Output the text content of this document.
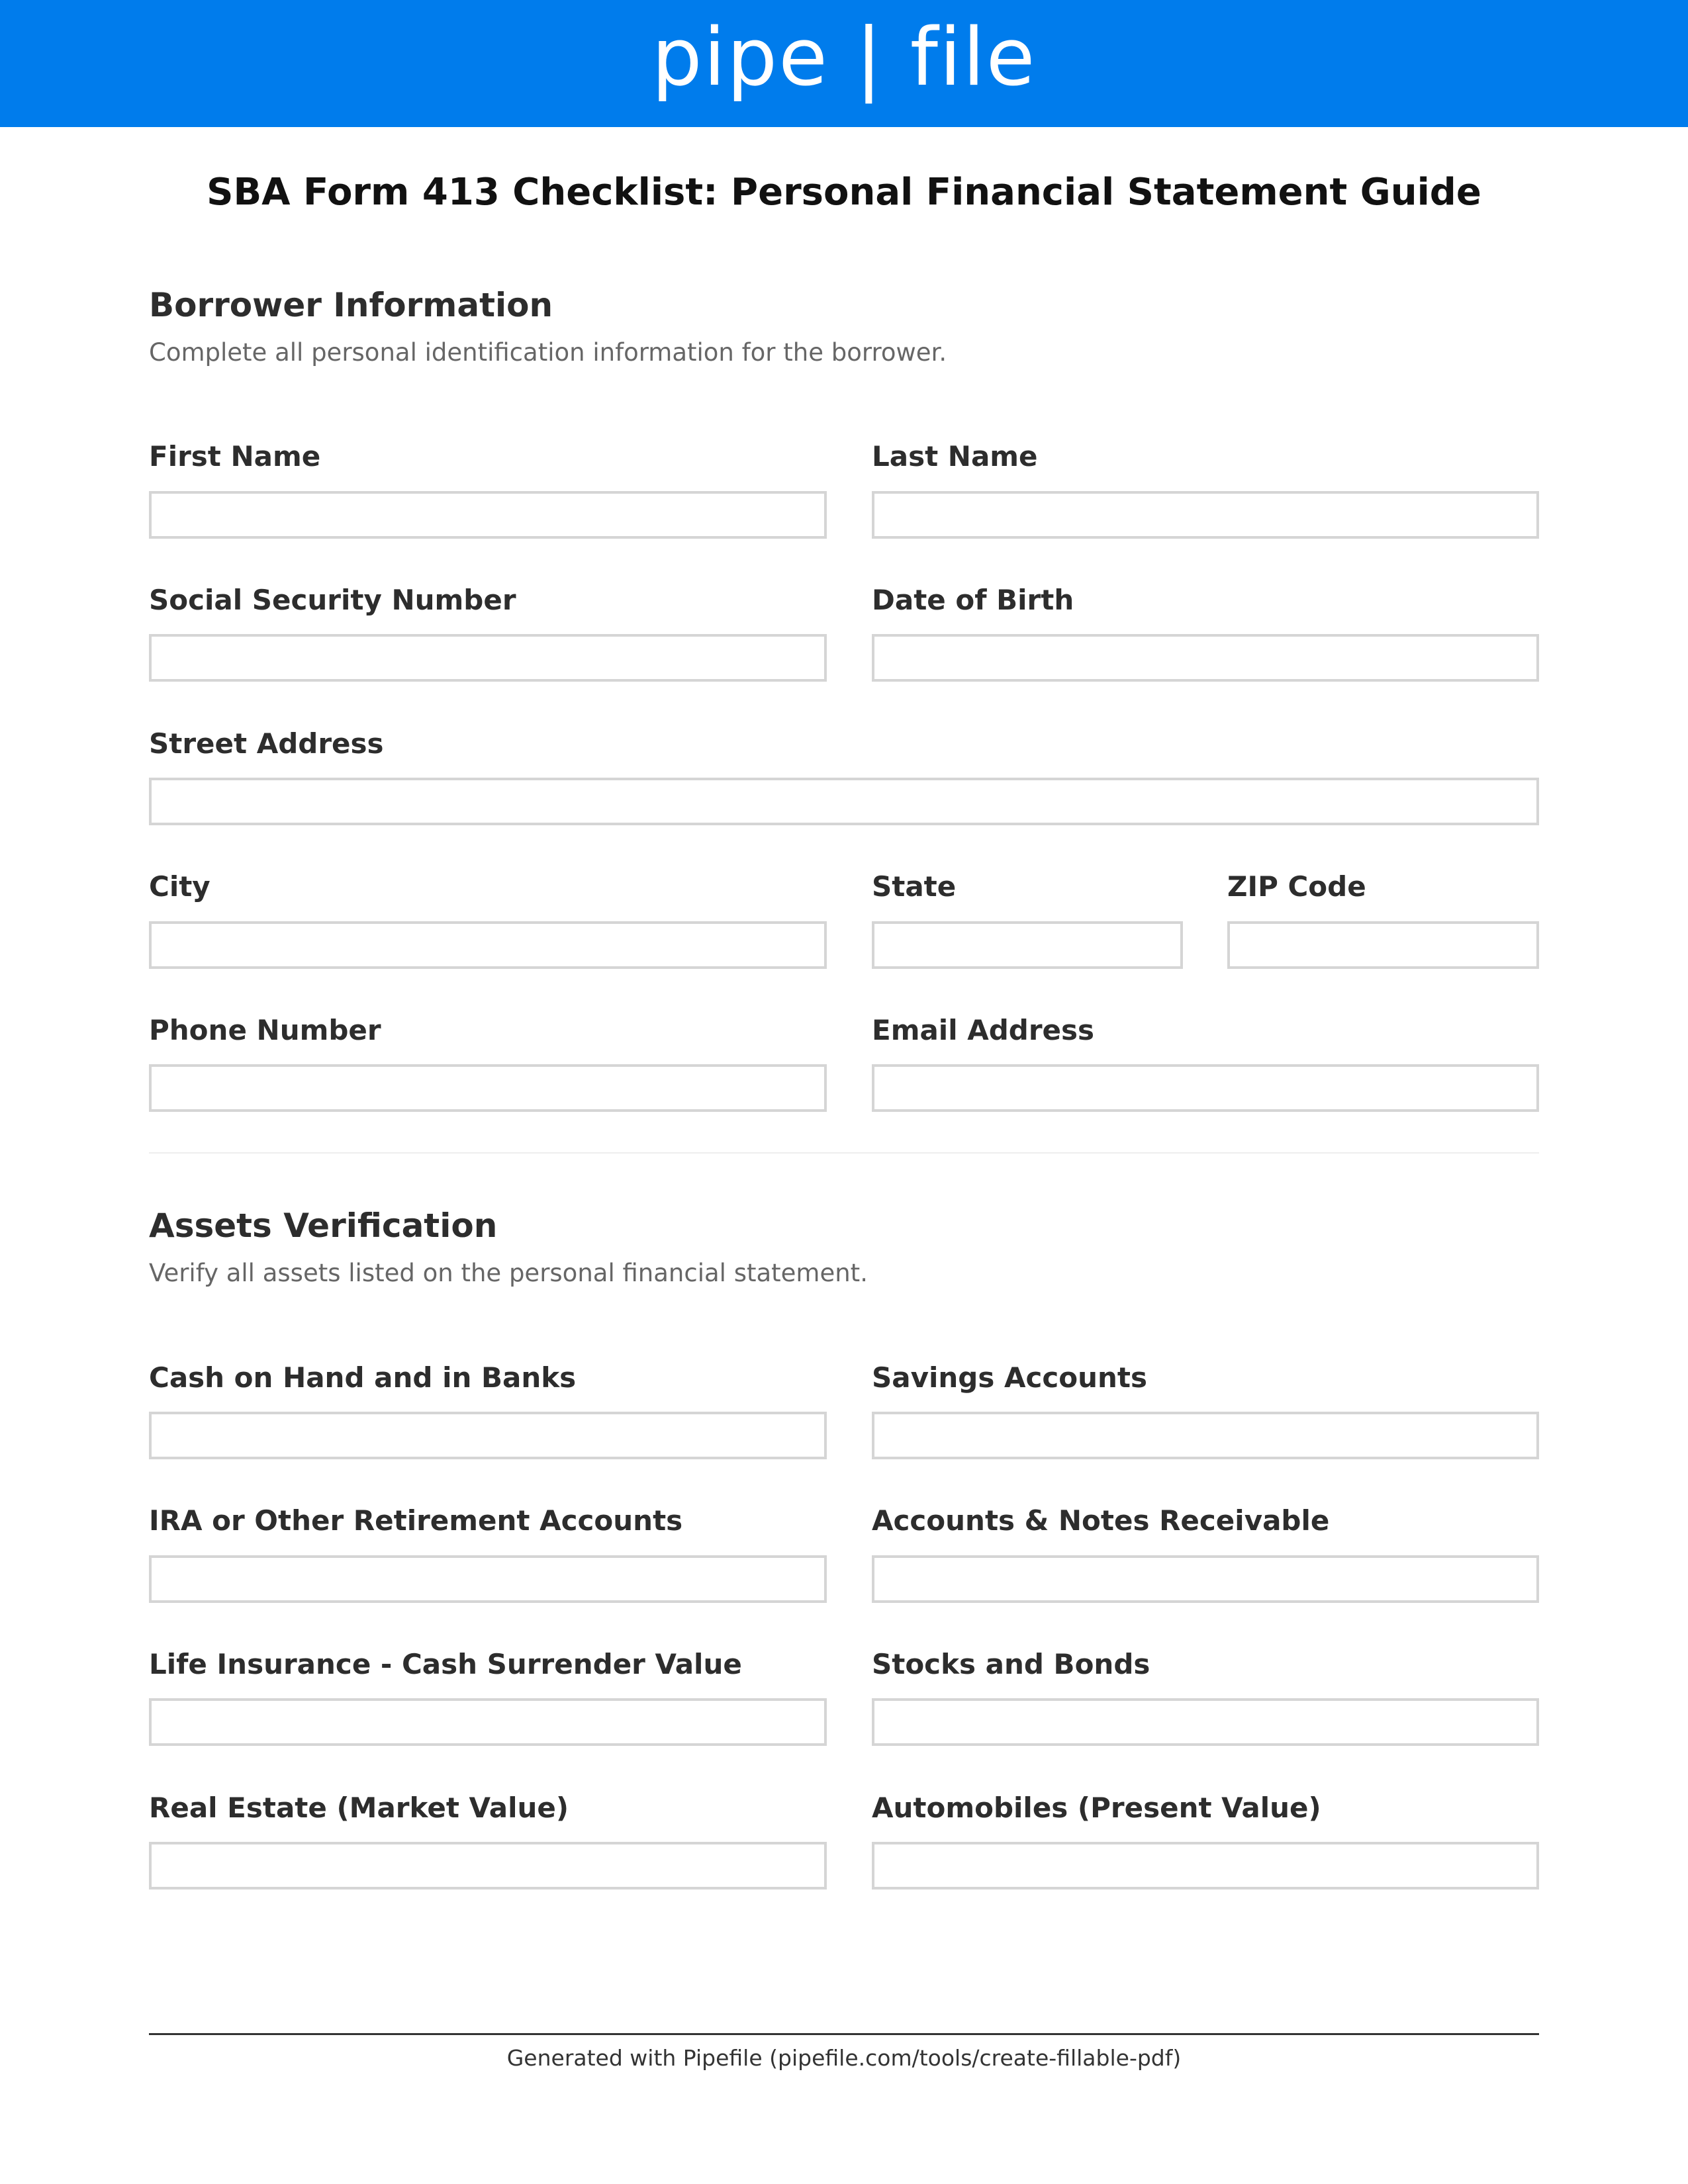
pipe | file
SBA Form 413 Checklist: Personal Financial Statement Guide
Borrower Information
Complete all personal identification information for the borrower.
First Name	Last Name
Social Security Number	Date of Birth
Street Address
City	State	ZIP Code
Phone Number	Email Address
Assets Verification
Verify all assets listed on the personal financial statement.
Cash on Hand and in Banks	Savings Accounts
IRA or Other Retirement Accounts	Accounts & Notes Receivable
Life Insurance - Cash Surrender Value	Stocks and Bonds
Real Estate (Market Value)	Automobiles (Present Value)
Generated with Pipefile (pipefile.com/tools/create-fillable-pdf)
